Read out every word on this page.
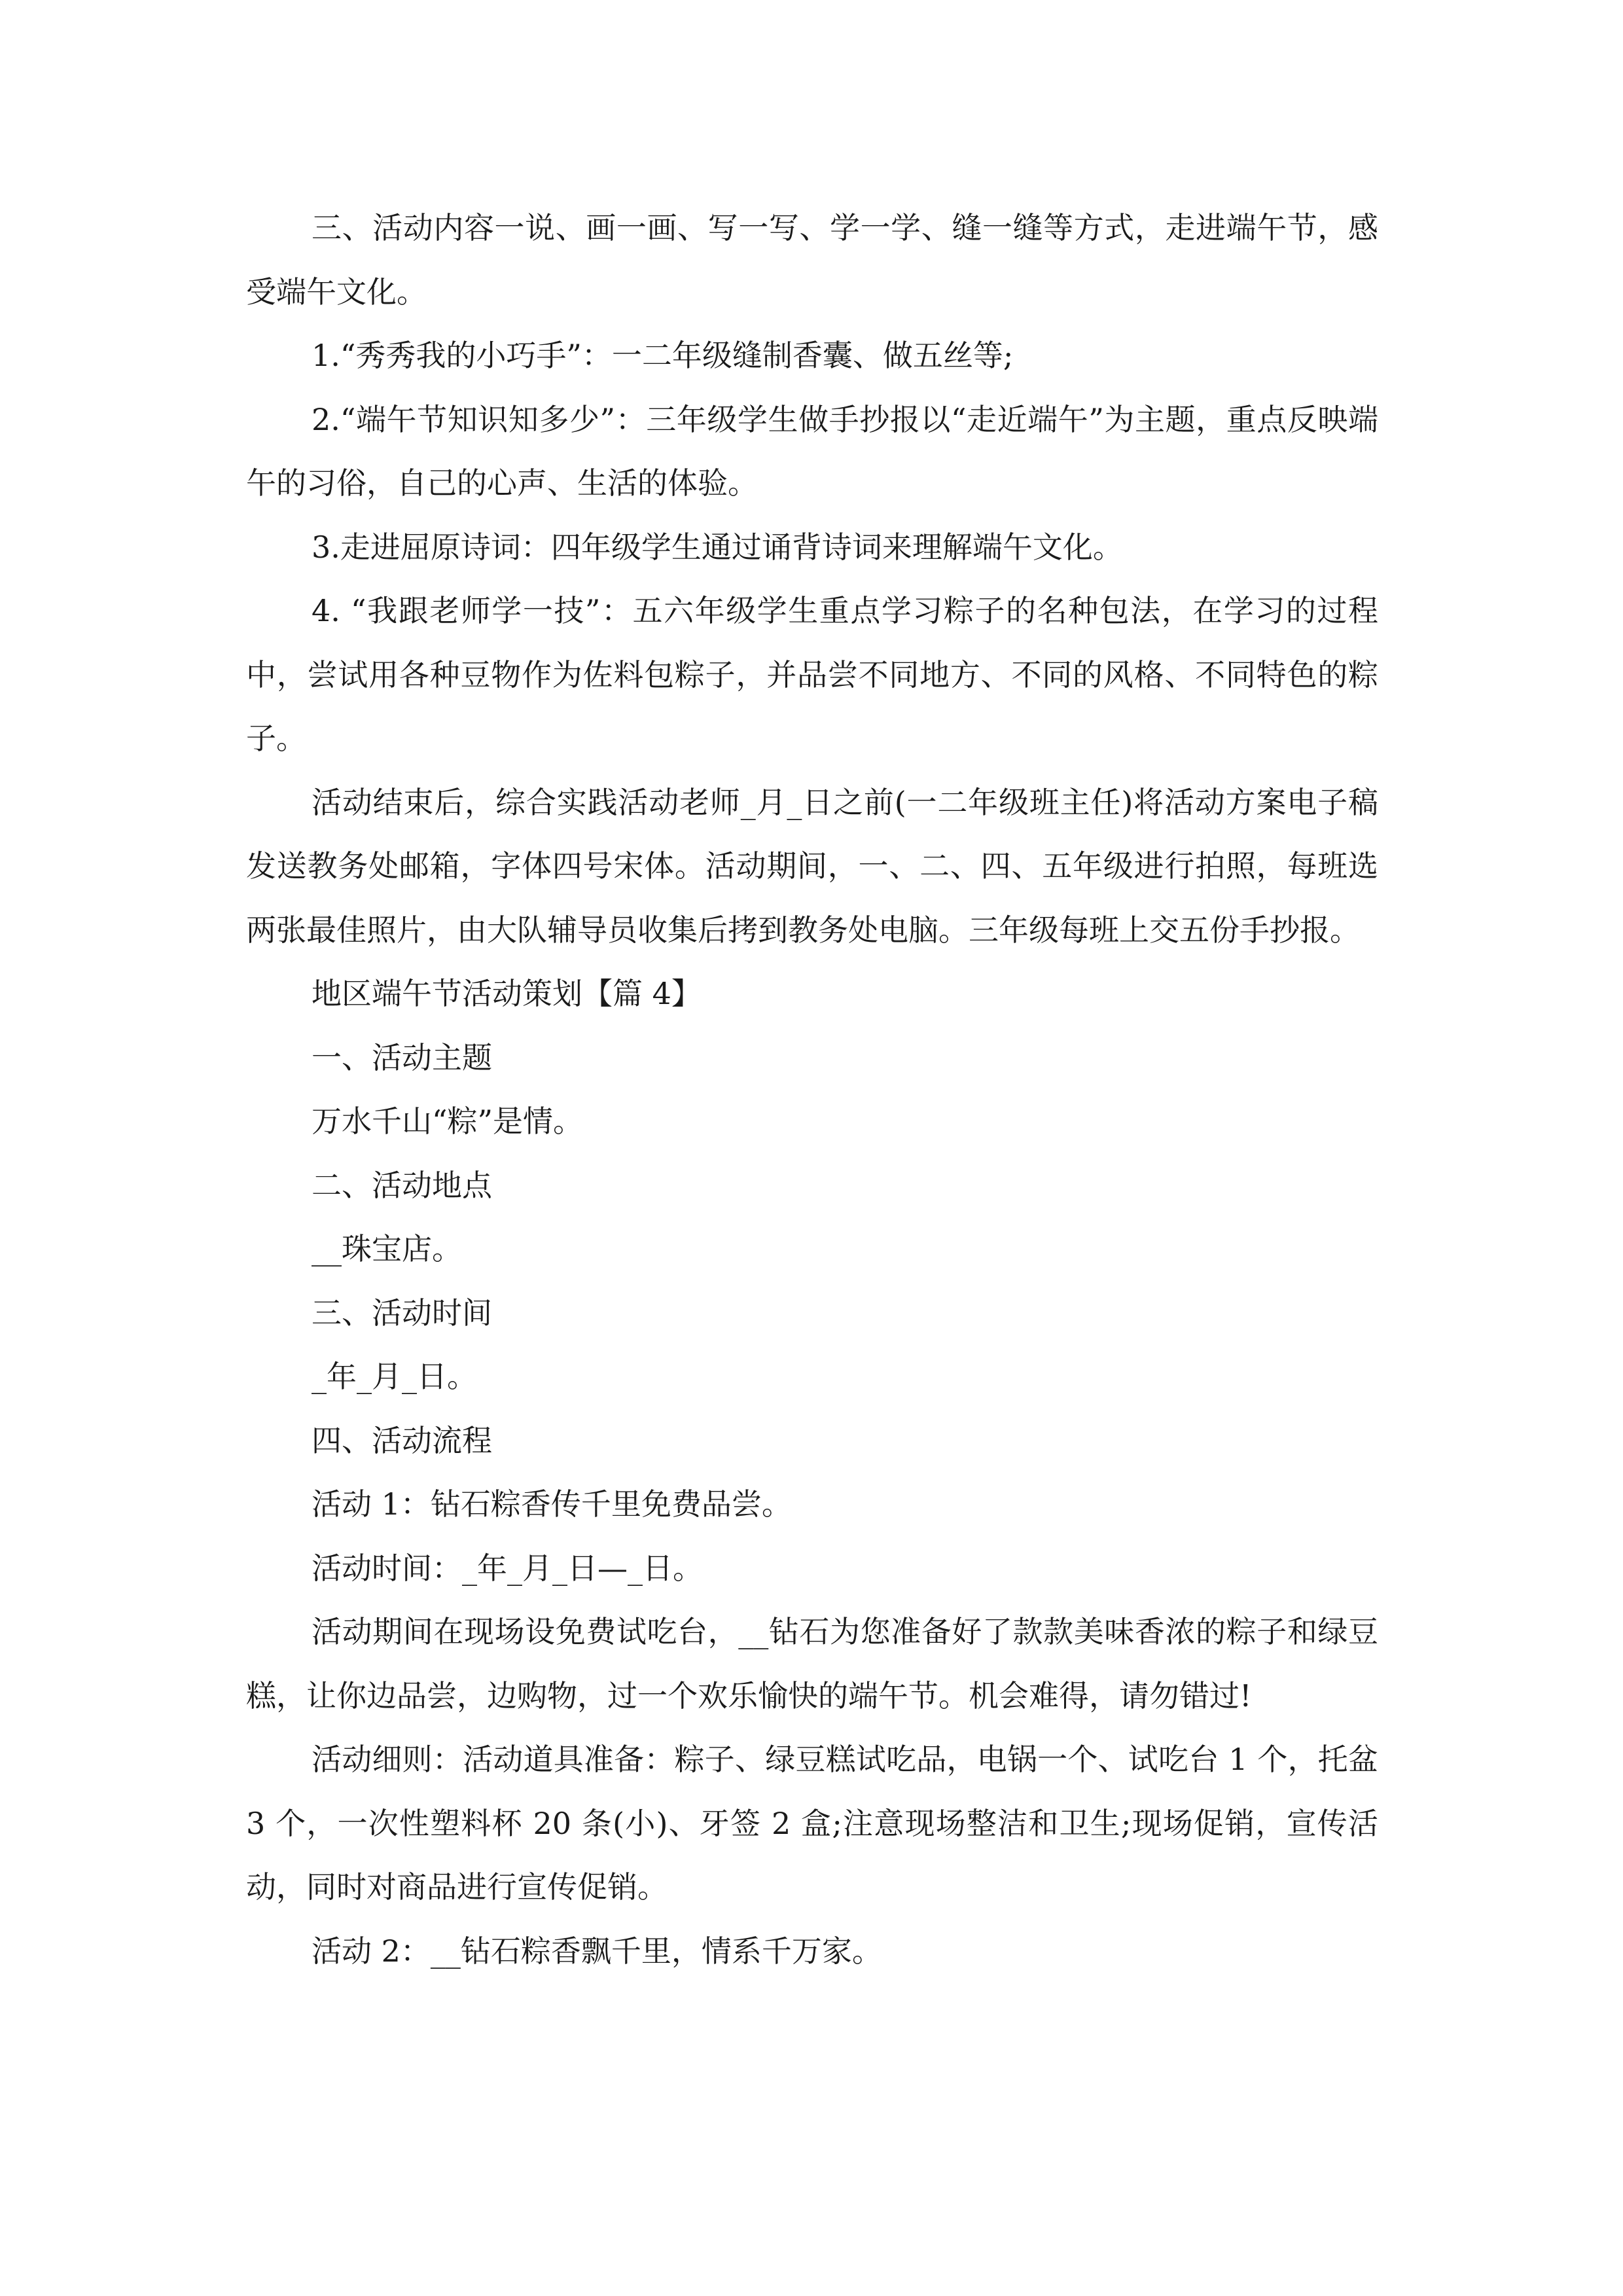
三、活动内容一说、画一画、写一写、学一学、缝一缝等方式，走进端午节，感受端午文化。

1.“秀秀我的小巧手”：一二年级缝制香囊、做五丝等;

2.“端午节知识知多少”：三年级学生做手抄报以“走近端午”为主题，重点反映端午的习俗，自己的心声、生活的体验。

3.走进屈原诗词：四年级学生通过诵背诗词来理解端午文化。

4. “我跟老师学一技”：五六年级学生重点学习粽子的名种包法，在学习的过程中，尝试用各种豆物作为佐料包粽子，并品尝不同地方、不同的风格、不同特色的粽子。

活动结束后，综合实践活动老师_月_日之前(一二年级班主任)将活动方案电子稿发送教务处邮箱，字体四号宋体。活动期间，一、二、四、五年级进行拍照，每班选两张最佳照片，由大队辅导员收集后拷到教务处电脑。三年级每班上交五份手抄报。

地区端午节活动策划【篇 4】

一、活动主题

万水千山“粽”是情。

二、活动地点

__珠宝店。

三、活动时间

_年_月_日。

四、活动流程

活动 1：钻石粽香传千里免费品尝。

活动时间：_年_月_日—_日。

活动期间在现场设免费试吃台，__钻石为您准备好了款款美味香浓的粽子和绿豆糕，让你边品尝，边购物，过一个欢乐愉快的端午节。机会难得，请勿错过!

活动细则：活动道具准备：粽子、绿豆糕试吃品，电锅一个、试吃台 1 个，托盆 3 个，一次性塑料杯 20 条(小)、牙签 2 盒;注意现场整洁和卫生;现场促销，宣传活动，同时对商品进行宣传促销。

活动 2：__钻石粽香飘千里，情系千万家。
